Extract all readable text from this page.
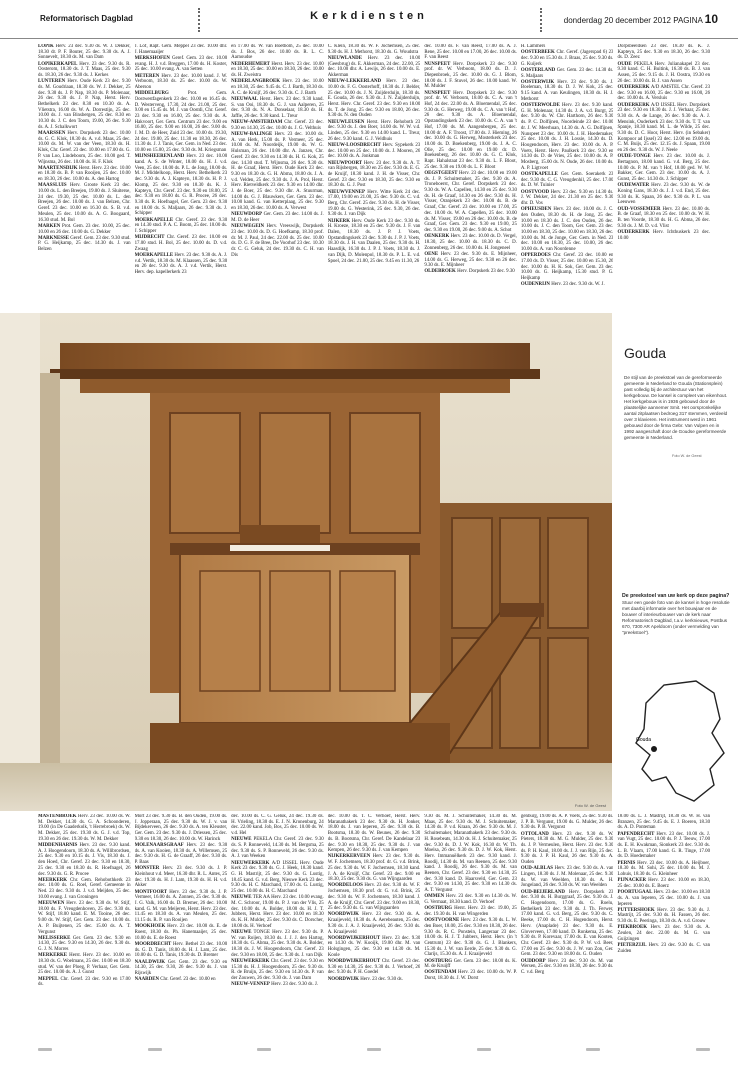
Reformatorisch Dagblad	Kerkdiensten	donderdag 20 december 2012 PAGINA 10

LOPIK Herv. 23 dec. 9.30 ds. W. J. Dekker, 18.30 dr. P. F. Bouter, 25 dec. 9.30 ds. A. J. Sonnevelt, 18.30 ds. M. van Dam

LOPIKERKAPEL Herv. 23 dec. 9.30 ds. R. Oosterom, 18.30 ds. J. T. Maas, 25 dec. 9.30 ds. 18.30, 26 dec. 9.30 ds. J. Kerkes

LUNTEREN Herv. Oude Kerk 23 dec. 9.30 ds. M. Goudriaan, 18.30 ds. W. J. Dekker, 25 dec. 9.30 ds. J. P. Nap, 18.30 ds. P. Molenaar, 26 dec. 9.30 ds. J. P. Nap, Herst. Herv. Bethelkerk 23 dec. 8.30 en 10.30 ds. A. Vlietstra, 16.00 ds. W. A. Dorrestijn, 25 dec. 10.00 ds. J. van Binsbergen, 25 dec. 8.30 en 10.30 ds. J. C. den Toom, 19.00, 26 dec. 9.30 ds. A. J. Schalkwort

MAARSSEN Herv. Dorpskerk 23 dec. 10.00 ds. G. C. Klok, 18.30 ds. A. v.d. Maas, 25 dec. 10.00 ds. M. W. van der Veen, 18.30 ds. H. Klok, Chr. Geref. 23 dec. 10.00 en 17.00 ds. G. P. van Loo, Lindeboom, 25 dec. 10.00 ged. T. Wijnsma, 26 dec. 10.00 ds. H. F. Klok

MAARTENSDIJK Herst. Herv. 23 dec. 10.00 en 18.30 ds. B. P. van Rooijen, 25 dec. 10.00 en 18.30, 26 dec. 10.00 ds. A. den Hartog

MAASSLUIS Herv. Groote Kerk 23 dec. 10.00 ds. L. den Breejen, 19.00 ds. J. Sluiterse, 24 dec. 19.30, 25 dec. 10.00 ds. L. den Breejen, 26 dec. 10.00 ds. J. van Belzen, Chr. Geref. 23 dec. 10.00 en 16.30 ds. S. B. v.d. Meulen, 25 dec. 10.00 ds. A. G. Boogaard, 16.30 stud. M. Bol

MARKEN Prot. Gem. 23 dec. 10.00, 25 dec. 10.00 en 26 dec. 10.00 ds. G. Dekker

MARKNESSE Geref. Gem. 23 dec. 9.30 stud. P. G. Heijkamp, 25 dec. 14.30 ds. J. van Belzen

J. Lof, Rapt. Gem. Meppel 23 dec. 10.00 dhr. J. Hanemaaijer

MERKSHOFEN Geref. Gem. 23 dec. 10.00 evang. H. J. v.d. Breggen, 17.00 ds. H. Koster, 25 dec. 10.00 evang. A. van Setten

METEREN Herv. 23 dec. 10.00 kand. J. W. Verboom, 18.30 ds. 25 dec. 10.00 ds. W. Aberson

MIDDELBURG Prot. Gem. Oostwestfagenkerk 23 dec. 10.00 en 16.45 ds. D. Westerveng, 17.30, 24 dec. 21.00, 25 dec. 9.00 en 15.45 ds. M. J. van Oostdi, Chr. Geref. 23 dec. 9.30 en 16.00, 25 dec. 9.30 ds. A. Hakvoort, Ger. Gem. Centrum 23 dec. 9.00 en 16.00, 25 dec. 9.00 en 16.00, 26 dec. 9.00 ds. J. M. D. de Heer, Zuid 23 dec. 10.00 ds. 19.30, 24 dec. 19.00, 25 dec. 11.30 en 18.30, 26 dec. 11.30 ds. J. J. Tanis, Ger. Gem. in Ned. 23 dec. 10.00 en 15.00, 25 dec. 9.30 ds. M. Kriegsman

MIJNSHEERENLAND Herv. 23 dec. 10.00 kand. A. S. de Winter, 18.00 ds. H. J. v.d. Veen, 25 dec. 10.00 ds. P. L. de Jong, 18.00 ds. M. J. Middelkoop, Herst. Herv. Bethelkerk 23 dec. 9.30 ds. A. J. Kapteyn, 18.30 ds. H. P. J. Klomp, 25 dec. 9.30 en 18.30 ds. K. J. Kapteyn, Chr. Geref. 23 dec. 9.30 en 18.00, 25 dec. 9.30 en 18.00 ds. G. R. Procee, 26 dec. 9.30 ds. R. Hoefnagel, Ger. Gem. 23 dec. 9.30 en 18.00 ds. S. Maljaars, 26 dec. 9.30 ds. J. Schipper

MOERKAPELLE Chr. Geref. 23 dec. 9.30 en 14.30 stud. P. A. C. Boom, 25 dec. 10.00 ds. J. Schipper

MIJDRECHT Chr. Geref. 23 dec. 10.00 en 17.00 stud. H. Bol, 25 dec. 10.00 ds. D. v.d. Zwaag

MOERKAPELLE Herv. 23 dec. 9.30 ds. A. J. v.d. Vertik, 18.30 ds. M. Klaassen, 25 dec. 9.30 en 26 dec. 9.30 ds. A. J. v.d. Vertik, Herst. Herv. dep. kapellerkerk 23

en 17.00 ds. W. van Boetbom, 25 dec. 10.00 ds. J. Bos, 26 dec. 10.00 ds. R. L. C. Aarnoudse

NEDERHEMERT Herst. Herv. 23 dec. 10.00 en 18.30, 25 dec. 10.00 en 18.30, 26 dec. 10.00 ds. H. Zweistra

NEDERLANGBROEK Herv. 23 dec. 10.00 en 18.30, 25 dec. 9.45 ds. C. J. Barth, 18.30 ds. A. C. de Kruijf, 26 dec. 9.30 ds. C. J. Barth

NIEUWAAL Herst. Herv. 23 dec. 9.30 kand. S. van Ooi, 18.30 ds. G. J. van Aalperen, 25 dec. 9.30 ds. N. A. Donselaar, 18.30 ds. H. Jaffie, 26 dec. 9.30 kand. L. Treur

NIEUW-AMSTERDAM Chr. Geref. 23 dec. 9.30 en 14.30, 25 dec. 10.00 ds. J. G. Velthuis

NIEUW-BALINGE Herv. 23 dec. 10.00 ds. A. van Herk, 15.00 ds. P. Vermeer, 25 dec. 10.00 ds. M. Noordeijk, 19.00 ds. W. G. Hulsman, 26 dec. 10.00 dhr. A. Janzen, Chr. Geref. 23 dec. 9.30 en 14.30 ds. H. G. Kok, 25 dec. 14.30 stud. T. Wijnsma, 26 dec. 9.30 ds. H. de Graaf, Herst. Herv. Oude Kerk 23 dec. 9.30 en 18.30 ds. G. H. Abma, 18.00 ds. J. A. v.d. Velden, 25 dec. 9.30 ds. J. A. Prol, Herst. Herv. Rietveldkerk 23 dec. 9.30 en 14.00 dhr. J. de Boer, 25 dec. 9.30 dhr. A. Stuurman, 14.00 ds. G. J. Blauwkers, Ger. Gem. 23 dec. 10.00 kand. G. van Ketterplaag, 25 dec. 9.30 en 18.30, 26 dec. 10.00 ds. A. Verwest

NIEUWDORP Ger. Gem. 23 dec. 14.00 ds. J. M. D. de Heer

NIEUWEGEIN Herv. Vreeswijk, Dorpskerk 23 dec. 10.00 ds. D. G. Hoefkamp, 18.30 prof. dr. M. J. Paul, 24 dec. 22.00 ds. 25 dec. 10.00 ds. D. G. F. de Bree, De Voorhof 23 dec. 10.30 dr. C. G. Geluk, 24 dec. 19.30 ds. C. H. van Dis

C. Klein, 18.30 ds. W. F. Jochemsen, 25 dec. 9.30 ds. H. J. Methorst, 18.30 ds. G. Woudstra

NIEUWLANDE Herv. 23 dec. 10.00 (Geesbrug) ds. E. Akkerman, 24 dec. 22.00, 25 dec. 10.00 dhr. A. Lewijs, 26 dec. 10.00 ds. E. Akkerman

NIEUW-LEKKERLAND Herv. 23 dec. 10.00 ds. F. G. Oosterhoff, 18.30 ds. J. Belder, 25 dec. 10.00 ds. J. N. Zuijderduijn, 18.30 ds. E. Gouda, 26 dec. 9.30 ds. J. N. Zuijderduijn, Herst. Herv. Chr. Geref. 23 dec. 9.30 en 18.00 ds. T. de Jong, 25 dec. 9.30 en 18.00, 26 dec. 9.30 ds. N. den Ouden

NIEUWLEUSEN Herst. Herv. Rehoboth 23 dec. 9.30 ds. J. den Boer, 14.00 ds. W. W. v.d. Linden, 25 dec. 9.30 en 14.00 kand. L. Treur, 26 dec. 9.30 kand. G. J. Veldhuis

NIEUW-LOOSDRECHT Herv. Sypekerk 23 dec. 10.00 en 25 dec. 10.00 ds. J. Mooren, 26 dec. 10.00 ds. A. Jonkman

NIEUWPOORT Herv. 23 dec. 9.30 ds. A. T. van Rijsbergen, 18.30 en 25 dec. 9.30 ds. E. G. de Kruijf, 18.30 kand. J. H. de Visser, Chr. Geref. 23 dec. 9.30 en 18.30, 25 dec. 9.30 en 18.30 ds. G. J. Post

NIEUWVENNEP Herv. Witte Kerk 24 dec. 17.00, 19.00 en 21.00, 25 dec. 9.30 ds. C. v.d. Berg, Chr. Geref. 25 dec. 9.30 ds. H. de Visser, 19.00 ds. G. Westerink, 25 dec. 9.30, 26 dec. 9.30 ds. J. van Dijk

NIJKERK Herv. Oude Kerk 23 dec. 9.30 ds. H. Kroeze, 18.30 en 25 dec. 9.30 ds. J. F. van Dalen, 18.30 ds. J. P. J. Voets, Opstandingskerk 23 dec. 9.30 ds. J. P. J. Voets, 18.30 ds. J. H. van Daalen, 25 dec. 9.30 ds. H. Haasdijk, 16.30 ds. J. P. J. Voets, 18.30 ds. J. van Dijk, D. Molenpol, 18.30 ds. P. L. E. v.d. Spoel, 24 dec. 21.00, 25 dec. 9.45 en 11.30, 26

dec. 10.00 ds. F. van Reest, 17.00 ds. A. J. Rene, 25 dec. 10.00 en 17.00, 26 dec. 10.00 ds. F. van Reest

NUNSPEET Herv. Dorpskerk 23 dec. 9.30 prof. dr. W. Verboom, 18.00 ds. D. J. Diepenbroek, 25 dec. 10.00 ds. G. J. Blom, 18.00 ds. J. F. Stuvel, 26 dec. 10.00 kand. W. M. Mulder

NUNSPEET Herv. Dorpskerk 23 dec. 9.30 prof. dr. W. Verboom, 18.00 ds. C. A. van 't Hof, 24 dec. 22.00 ds. A. Bloemendal, 25 dec. 9.30 ds. G. Herweg, 19.00 ds. C. A. van 't Hof, 26 dec. 9.30 ds. A. Bloemendal, Opstandingskerk 23 dec. 10.00 ds. C. A. van 't Hof, 17.00 ds. M. Aangenbergen, 25 dec. 10.00 dr. A. F. Troost, 17.00 ds. J. Hieming, 26 dec. 10.00 ds. G. Herweg, Mosterkerk 23 dec. 10.00 ds. D. Boekenberg, 19.00 ds. J. A. C. Olie, 25 dec. 10.00 en 19.00 dr. D. Boekenberg, 26 dec. 10.00 ds. G. C. Klok, Rapt. Hahalstaat 23 dec. 9.30 ds. L. F. Bloot, 25 dec. 9.30 en 19.00 ds. L. F. Bloot

OEGSTGEEST Herv. 23 dec. 10.00 en 19.00 ds. J. P. Schuitemaker, 25 dec. 9.30 ds. A. Troneboerst, Chr. Geref. Dorpskerk 23 dec. 9.30 ds. W. A. Capellen, 14.30 en 25 dec. 9.30 ds. H. de Graaf, 14.30 en 26 dec. 9.30 ds. H. Visser, Oranjekerk 23 dec. 10.00 ds. B. de Graaf, Chr. Geref. 23 dec. 10.00 en 17.00, 25 dec. 10.00 ds. W. A. Capellen, 25 dec. 10.00 ds. M. Visser, 19.00 en 26 dec. 10.00 ds. B. de Graaf, Ger. Gem. 23 dec. 9.30 en 19.00, 25 dec. 9.30 en 19.00, 26 dec. 9.00 ds. A. Schot

OENKERK Herv. 23 dec. 10.00 ds. D. Vergel, 18.30, 25 dec. 10.00 ds. 18.30 ds. C. D. Zonnenberg, 26 dec. 10.00 ds. H. Jongeneel

OENE Herv. 23 dec. 9.30 ds. E. Mijnheer, 14.00 ds. G. Herweg, 25 dec. 9.30 en 26 dec. 9.30 ds. E. Mijnheer

OLDEBROEK Herv. Dorpskerk 23 dec. 9.30

H. Lammers

OOSTERBEEK Chr. Geref. (Jagerspad 6) 23 dec. 9.30 en 15.30 ds. J. Braas, 25 dec. 9.30 ds. G. Kuijerk

OOSTERLAND Ger. Gem. 23 dec. 14.30 ds. S. Maljaars

OOSTERWIJK Herv. 23 dec. 9.30 ds. J. Boeleman, 18.30 ds. D. J. W. Kok, 25 dec. 9.15 kand. A. van Keulingen, 18.30 ds. H. J. Methorst

OOSTERWOLDE Herv. 23 dec. 9.30 kand. G. H. Molenaar, 14.30 ds. J. A. v.d. Burgt, 25 dec. 9.30 ds. W. Chr. Harthorn, 26 dec. 9.30 ds. P. C. Dolfijnen, Noordeinde 23 dec. 10.00 dr. J. W. Meerhuan, 14.30 ds. A. G. Dolfijnen, Nunspeet 23 dec. 10.00 ds. J. H. Hoedemaker, 25 dec. 10.00 ds. J. H. Lossie, 14.30 ds. D. Hoogendoorn, Herv. 23 dec. 10.00 ds. A. P. Voets, Herst. Herv. Paulkerk 23 dec. 9.30 en 14.30 ds. D. de Vries, 25 dec. 10.00 ds. A. P. Mosberg, 15.00 ds. N. Oude, 26 dec. 10.00 ds. A. P. Ligtvoet

OOSTKAPELLE Ger. Gem. Soerakerk 23 dec. 9.30 ds. C. G. Vreugdenhil, 25 dec. 17.00 ds. D. W. Tuinier

OOSTVOOD Herv. 23 dec. 9.30 en 14.30 ds. J. W. Dekker, 24 dec. 21.30 en 25 dec. 9.30 dhr. D. Vos

OPHEUSDEN Herv. 23 dec. 10.00 ds. J. C. den Ouden, 18.30 ds. H. de Jong, 25 dec. 10.00 en 18.30 ds. J. C. den Ouden, 26 dec. 10.00 ds. J. C. den Toom, Ger. Gem. 23 dec. 10.00 en 18.30, 25 dec. 10.00 en 18.30, 26 dec. 10.00 ds. M. de Jonge, Ger. Gem. in Ned. 23 dec. 10.00 en 18.30, 25 dec. 10.00, 26 dec. 10.00 ds. A. van Noordenne

OPPERDOES Chr. Geref. 23 dec. 10.00 en 17.00 ds. D. Visser, 25 dec. 10.00 en 15.30, 26 dec. 10.00 ds. H. K. Sok, Ger. Gem. 23 dec. 10.00 ds. G. Heijkamp, 15.30 stud. P. G. Heijkamp

OUDENRIJN Herv. 23 dec. 9.30 ds. W. J.

Dorpsbeeldsen 23 dec. 18.30 ds. K. J. Kapteyn, 25 dec. 9.30 en 18.30, 26 dec. 9.30 ds. D. Zeez

OUDE PEKELA Herv. Julianakapel 23 dec. 9.30 kand. C. H. Buitink, 16.30 ds. B. J. van Assen, 25 dec. 9.15 ds. J. H. Oostra, 19.30 en 26 dec. 10.00 ds. B. J. van Assen

OUDERKERK A/D AMSTEL Chr. Geref. 23 dec. 9.30 en 16.00, 25 dec. 9.30 en 16.00, 26 dec. 10.00 ds. A. Versluis

OUDERKERK A/D IJSSEL Herv. Dorpskerk 23 dec. 9.30 en 18.30 ds. J. J. Verhaar, 25 dec. 9.30 ds. A. de Lange, 26 dec. 9.30 ds. A. J. Mensink, Ouderkerk 23 dec. 9.30 ds. T. T. van Spanje, 18.30 kand. M. L. de Wilde, 25 dec. 9.30 ds. D. C. Hoor, Herst. Herv. (in Sebaker) Kompoor ad Ijssel) 23 dec. 12.00 en 19.00 ds. C. M. Buijs, 25 dec. 12.15 ds. J. Spaan, 19.00 en 26 dec. 9.30 ds. W. J. Neele

OUDE-TONGE Herv. 23 dec. 10.00 ds. J. Bertagnon, 18.00 kand. G. v.d. Berg, 25 dec. 10.00 ds. P. M. van 't Hof, 18.00 ged. W. W. Bakker, Ger. Gem. 23 dec. 10.00 ds. A. J. Gunst, 25 dec. 14.30 ds. J. Schipper

OUDEWATER Herv. 23 dec. 9.30 ds. W. de Koning Gans, 18.30 ds. J. J. v.d. End, 25 dec. 9.30 ds. K. Spaan, 26 dec. 9.30 ds. P. L. van Leeuwen

OUD-VOSSEMEER Herv. 23 dec. 10.00 ds. B. de Graaf, 18.30 en 25 dec. 10.00 ds. W. H. B. ten Voorde, 18.30 ds. H. G. Abma, 26 dec. 9.30 ds. J. M. D. v.d. Vlist

OUDERKERK Herv. Ichthuskerk 23 dec. 10.00

Foto W. de Geest
Gouda
De stijl van de preekstoel van de gereformeerde gemeente in Nederland te Gouda (Stationsplein) past volledig bij de architectuur van het kerkgebouw. De kansel is compleet van eikenhout. Het kerkgebouw is in 1936 gebouwd door de plaatselijke aannemer Smit. Het oorspronkelijke aantal zitplaatsen bedroeg 317 stemmen, verdeeld over 3 klavieren. Het instrument werd in 1961 gebouwd door de firma Gebr. Van Vulpen en in 1992 aangeschaft door de Goudse gereformeerde gemeente in Nederland.
Foto W. de Geest
De preekstoel van uw kerk op deze pagina?
Stuur een goede foto van de kansel in hoge resolutie met daarbij informatie over het bouwjaar en de bouwer of interieurbouwer van de kerk naar Reformatorisch Dagblad, t.a.v. kerknieuws, Postbus 670, 7300 AR Apeldoorn (onder vermelding van "preekstoel").
Gouda

MASTENBROEK Herv. 23 dec. 10.00 ds. W. M. Dekker, 14.30 ds. G. A. Schoonderen, 19.00 (in De Gaaderkolk, 't Herrebroek) ds. W. M. Dekker, 25 dec. 19.30 ds. G. J. v.d. Top, 19.30 en 26 dec. 19.30 ds. W. M. Dekker

MIDDENHARNIS Herv. 23 dec. 9.30 kand. A. J. Hoogendoorn, 18.30 ds. A. Willibrordsen, 25 dec. 9.30 en 10.15 ds. J. Vis, 18.30 ds. J. den Hoed, Chr. Geref. 23 dec. 9.30 en 18.30, 25 dec. 9.30 en 18.30 ds. R. Hoefnagel, 26 dec. 9.30 ds. G. R. Procee

MEERKERK Chr. Gem. Rehobothkerk 23 dec. 10.00 ds. G. Roel, Geref. Gemeente in Ned. 23 dec. 9.30 ds. J. v.d. Meijden, 25 dec. 10.00 evang. J. van Groningen

MEEUWEN Herv. 23 dec. 9.30 ds. W. Stijf, 18.00 ds. F. Vreugdenhoven, 25 dec. 9.30 ds. W. Stijf, 18.00 kand. E. M. Tooine, 26 dec. 9.00 ds. W. Stijf, Ger. Gem. 23 dec. 10.00 ds. A. P. Buijtenen, 25 dec. 15.00 ds. A. T. Vergunst

MELISSERKE Ger. Gem. 23 dec. 9.30 en 14.30, 25 dec. 9.30 en 14.30, 26 dec. 9.30 ds. G. J. N. Morres

MERKERKE Herst. Herv. 23 dec. 10.00 en 18.30 ds. G. Woelmans, 25 dec. 10.00 en 18.30 stud. W. van der Ploeg, P. Verhaar, Ger. Gem. 25 dec. 10.00 ds. A. J. Gunst

MEPPEL Chr. Geref. 23 dec. 9.30 en 17.00 ds.

Mort 23 dec. 9.30 ds. B. den Ouden, 19.00 ds. J. Jopperaan, 25 dec. 9.30 ds. W. J. v. van Bijdekerveen, 26 dec. 9.30 ds. A. ten Kleuster, Ger. Gem. 23 dec. 9.30 ds. J. Driessen, 25 dec. 9.30 en 18.30, 26 dec. 10.00 ds. W. Harinck

MOLENAARSGRAAF Herv. 23 dec. 9.30 ds. A. van Kooien, 18.30 ds. A. Willemsen, 25 dec. 9.30 ds. H. G. de Graaff, 26 dec. 9.30 ds. P. Baas

MONSTER Herv. 23 dec. 9.30 ds. J. P. Kleinhout v.d. Meer, 16.30 dhr. R. L. Antes, 25 dec. 19.30 ds. H. J. Lam, 19.30 ds. H. H. v.d. Akker

MONTFOORT Herv. 23 dec. 9.30 ds. J. P. Vermeer, 16.00 ds. A. Zonnen, 25 dec. 9.30 ds. J. G. Valk, 16.00 ds. D. Bremer, 26 dec. 10.00 kand. G. M. van Meijeren, Herst. Herv. 23 dec. 11.45 en 18.30 ds. A. van Meulen, 25 dec. 11.15 ds. R. P. van Rooijen

MOOKHOEK Herv. 23 dec. 10.00 ds. E. de Roest, 18.30 ds. Ph. Hanemaaijer, 25 dec. 10.00 ds. E. de Roest

MOORDRECHT Herv. Bethel 23 dec. 10.00 ds. G. D. Tanis, 18.00 ds. H. J. Lam, 25 dec. 10.00 ds. G. D. Tanis, 19.30 ds. D. Bremer

NAALDWIJK Ger. Gem. 23 dec. 9.30 en 14.30, 25 dec. 9.30, 26 dec. 9.30 ds. J. van Rijswijk

NAARDEN Chr. Geref. 23 dec. 10.00 en

dec. 10.00 ds. C. G. Geluk, 24 dec. 19.30 ds. H. Vrieling, 18.30 ds. E. J. N. Kronenburg, 24 dec. 22.00 kand. Job, Bos, 25 dec. 10.00 ds. W. v.d. Hel

NIEUWE PEKELA Chr. Geref. 23 dec. 9.30 ds. S. P. Ronneveld, 14.30 ds. M. Bergsma, 25 dec. 9.30 ds. S. P. Ronneveld, 26 dec. 9.30 ds. A. J. van Weeken

NIEUWERKERK A/D IJSSEL Herv. Oude Kerk 23 dec. 9.30 ds. G. J. Heek, 18.30 kand. G. H. Mastrijt, 25 dec. 9.30 ds. G. Lustig, 18.45 kand. G. v.d. Berg, Nieuwe Kerk 23 dec. 9.30 ds. H. C. Marchand, 17.00 ds. G. Lustig, 25 dec. 10.00 ds. H. C. Marchand

NIEUWE TER AA Herv. 23 dec. 10.00 evang. M. C. Schroor, 19.00 ds. P. J. van der Vlis, 25 dec. 10.00 ds. A. Bolder, 18.00 ds. H. J. T. Jubbers, Herst. Herv. 23 dec. 10.00 en 18.30 ds. K. H. Mulder, 25 dec. 9.30 ds. C. Dorscher, 18.00 ds. H. Verhoef

NIEUWE TONGE Herv. 23 dec. 9.30 ds. P. W. van Roijen, 18.30 ds. J. J. J. den Hartog, 18.30 ds. G. Abma, 25 dec. 9.30 ds. A. Bolder, 18.30 ds. J. W. Hoogendoorn, Chr. Geref. 23 dec. 9.30 en 18.00, 25 dec. 9.30 ds. J. van Dijk

NIEUWERKERK Chr. Geref. 23 dec. 9.30 en 15.30 ds. H. J. Hoogendoorn, 25 dec. 9.30 ds. R. de Bruijn, 25 dec. 9.30 en 14.30 ds. P. van der Zouwen, 26 dec. 9.30 ds. J. van Dam

NIEUW-VENNEP Herv. 23 dec. 9.30 ds. J.

dec. 10.00 ds. T. C. Verhoef, Herst. Herv. Maranathakerk 23 dec. 9.30 ds. H. Jonker, 18.00 ds. J. van Ieperen, 25 dec. 9.30 ds. B. Bootsma, 18.30 ds. W. Beunes, 26 dec. 9.30 ds. B. Bootsma, Chr. Geref. De Kandelaar 23 dec. 9.30 en 18.30, 25 dec. 9.30 ds. J. van Kempen, 26 dec. 9.30 ds. J. van Kempen

NIJKERKERVEEN Herv. 23 dec. 9.30 ds. W. F. Jochemsen, 18.30 prof. dr. G. v.d. Brink, 25 dec. 9.30 ds. W. F. Jochemsen, 18.30 kand. J. A. de Kruijf, Chr. Geref. 23 dec. 9.00 en 18.30, 25 dec. 9.30 ds. G. van Wijngaarden

NOORDELOOS Herv. 23 dec. 9.30 ds. W. F. Jochemsen, 18.30 prof. dr. G. v.d. Brink, 25 dec. 9.30 ds. W. F. Jochemsen, 18.30 kand. J. A. de Kruijf, Chr. Geref. 23 dec. 9.00 en 18.30, 25 dec. 9.30 ds. G. van Wijngaarden

NOORDWIJK Herv. 23 dec. 9.30 ds. A. Kraaijeveld, 18.30 ds. A. Aerebeauten, 25 dec. 9.30 ds. J. A. J. Kraaijeveld, 26 dec. 9.30 ds. A. Kraaijeveld

NOORDWIJKERHOUT Herv. 23 dec. 9.30 en 14.30 ds. W. Kooijk, 19.00 dhr. M. van Holsgingen, 25 dec. 9.30 en 14.30 ds. M. Koole

NOORDWIJKERHOUT Chr. Geref. 23 dec. 9.30 en 14.30, 25 dec. 9.30 ds. J. Verhoef, 26 dec. 9.30 ds. P. H. Goedel

NOORDWIJK Herv. 23 dec. 9.30 ds.

9.30 ds. M. J. Schuitemaker, 14.30 ds. M. Maas, 25 dec. 9.30 ds. M. J. Schuitemaker, 14.30 ds. P. v.d. Kraan, 26 dec. 9.30 ds. M. J. Schuitemaker, Maranathakerk 23 dec. 9.30 ds. H. Rosebeats, 14.30 ds. H. J. Schuitemaker, 25 dec. 9.30 ds. D. J. W. Kok, 16.30 dr. W. Th. Moelsa, 26 dec. 9.30 ds. D. J. W. Kok, Herst. Herv. Immanuëlkerk 23 dec. 9.30 kand. J. Roodij, 14.30 ds. M. van Reenen, 25 dec. 9.30 kand. J. Roodij, 26 dec. 9.30 ds. M. van Reenen, Chr. Geref. 23 dec. 9.30 en 14.30, 25 dec. 9.30 kand. D. Haarsveld, Ger. Gem. 23 dec. 9.30 en 14.30, 25 dec. 9.30 en 14.30 ds. A. T. Vergunst

OMMEN Herv. 23 dec. 9.30 en 14.30 ds. W. G. Vermaat, 18.30 kand. D. Verhoef

OOSTBURG Herst. Herv. 23 dec. 19.00, 25 dec. 19.30 ds. H. van Wingerden

OOSTVOORNE Herv. 23 dec. 9.30 ds. L. W. den Boer, 18.00, 25 dec. 9.30 en 18.30, 26 dec. 9.30 ds. R. C. Ponstein, Langeraar 23 dec. 10.00 ds. H. J. T. Jubbers, Herst. Herv. (in 't Centrum) 23 dec. 9.30 ds. G. J. Blankers, 15.30 ds. J. W. van Eerde, 25 dec. 9.30 ds. G. Clarijs, 15.30 ds. A. J. Kraaijeveld

OOSTBURG Ger. Gem. 23 dec. 18.00 ds. K. M. de Kruijff

OOSTENDAM Herv. 23 dec. 10.00 ds. W. P. Dorst, 18.30 ds. J. W. Dorst

genburg, 19.00 ds. A. P. Voets, 25 dec. 9.30 ds. J. P. B. Vergunst, 19.00 ds. G. Mulder, 26 dec. 9.30 ds. P. B. Vergunst

OTTOLAND Herv. 23 dec. 9.30 ds. W. Pieters, 18.30 ds. M. G. Mulder, 25 dec. 9.30 ds. J. P. Vermeulen, Herst. Herv. 23 dec. 9.30 ds. P. H. Kaul, 18.00 ds. J. J. van Rijn, 25 dec. 9.30 ds. J. P. H. Kaul, 26 dec. 9.30 ds. A. Ouden

OUD-ALBLAS Herv. 23 dec. 9.30 ds. A. van Lingen, 18.30 ds. J. M. Molenaar, 25 dec. 9.30 ds. W. van Weelden, 18.30 ds. A. H. Jongeland, 26 dec. 9.30 ds. W. van Weelden

OUD-BEIJERLAND Herv. Dorpskerk 23 dec. 9.30 ds. H. Burggraaf, 25 dec. 9.30 ds. J. C. Hogendoorn, 17.00 ds. G. Roelu, Bethelkerk 23 dec. 9.30 ds. J. Th. Ferwer, 17.00 kand. G. v.d. Berg, 25 dec. 9.30 ds. C. Beeke, 17.00 ds. C. H. Hogendoorn, Herst. Herv. (Anaplade) 23 dec. 9.30 ds. E. Gloverveen, 17.00 kand. D. Ronkema, 25 dec. 9.30 ds. P. Korevaar, 17.00 ds. E. van Kooten, Chr. Geref. 23 dec. 9.30 ds. P. W. v.d. Beer, 17.00 en 25 dec. 9.30 ds. J. W. van Zon, Ger. Gem. 23 dec. 9.30 en 18.00 ds. G. Ouden

OUDDORP Herv. 23 dec. 9.30 ds. M. van Wersen, 25 dec. 9.30 en 18.30, 26 dec. 9.30 ds. C. v.d. Berg

18.00 ds. L. J. Mastrijt, 18.30 ds. W. H. van Branzen, 25 dec. 9.45 ds. E. J. Boeren, 18.30 ds. A. D. Ponteman

PAPENDRECHT Herv. 23 dec. 10.00 ds. J. van Vugt, 25 dec. 10.00 ds. P. J. Teeuw, 17.00 ds. E. H. Kwakman, Sionkerk 23 dec. 9.30 ds. L. B. Vlaam, 17.00 kand. G. R. Tinge, 17.00 ds. D. Hoedemaker

PERNIS Herv. 23 dec. 10.00 ds. A. Heijboer, 18.30 ds. M. Sohi, 25 dec. 10.00 ds. M. J. Lohuis, 18.30 ds. G. Kleinheer

PIJNACKER Herv. 23 dec. 10.00 en 18.30, 25 dec. 10.00 ds. E. Boerz

POORTUGAAL Herv. 23 dec. 10.00 en 18.30 ds. A. van Ieperen, 25 dec. 10.00 ds. J. van Ieperen

PUTTERSHOEK Herv. 23 dec. 9.30 ds. J. Mastrijt, 25 dec. 9.30 ds. H. Fassen, 26 dec. 9.30 ds. E. Peeringa, 18.30 ds. A. v.d. Grouw

PIEKBROEK Herv. 23 dec. 9.30 ds. A. Zeulen, 24 dec. 22.00 ds. M. G. van Guijzingen

PIETERZIJL Herv. 23 dec. 9.30 ds. C. van Zuiden
